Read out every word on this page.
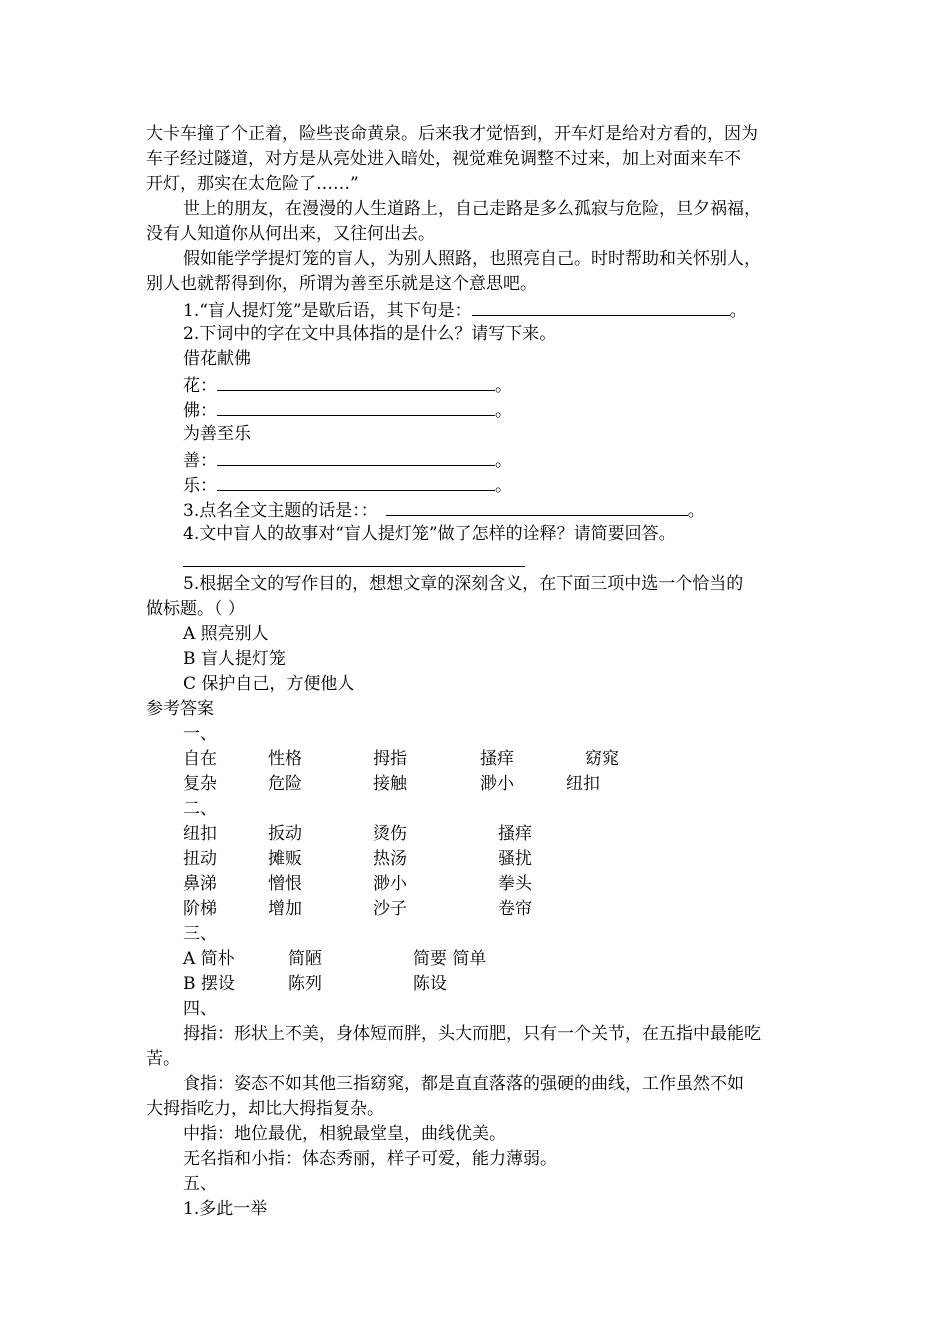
大卡车撞了个正着，险些丧命黄泉。后来我才觉悟到，开车灯是给对方看的，因为
车子经过隧道，对方是从亮处进入暗处，视觉难免调整不过来，加上对面来车不
开灯，那实在太危险了……”
世上的朋友，在漫漫的人生道路上，自己走路是多么孤寂与危险，旦夕祸福，
没有人知道你从何出来，又往何出去。
假如能学学提灯笼的盲人，为别人照路，也照亮自己。时时帮助和关怀别人，
别人也就帮得到你，所谓为善至乐就是这个意思吧。
1.“盲人提灯笼”是歇后语，其下句是：	。
2.下词中的字在文中具体指的是什么？请写下来。
借花献佛
花：	。
佛：	。
为善至乐
善：	。
乐：	。
3.点名全文主题的话是：：	。
4.文中盲人的故事对“盲人提灯笼”做了怎样的诠释？请简要回答。
5.根据全文的写作目的，想想文章的深刻含义，在下面三项中选一个恰当的
做标题。（ ）
A 照亮别人
B 盲人提灯笼
C 保护自己，方便他人
参考答案
一、
自在	性格	拇指	搔痒	窈窕
复杂	危险	接触	渺小	纽扣
二、
纽扣	扳动	烫伤	搔痒
扭动	摊贩	热汤	骚扰
鼻涕	憎恨	渺小	拳头
阶梯	增加	沙子	卷帘
三、
A 简朴	简陋	简要 简单
B 摆设	陈列	陈设
四、
拇指：形状上不美，身体短而胖，头大而肥，只有一个关节，在五指中最能吃
苦。
食指：姿态不如其他三指窈窕，都是直直落落的强硬的曲线，工作虽然不如
大拇指吃力，却比大拇指复杂。
中指：地位最优，相貌最堂皇，曲线优美。
无名指和小指：体态秀丽，样子可爱，能力薄弱。
五、
1.多此一举
